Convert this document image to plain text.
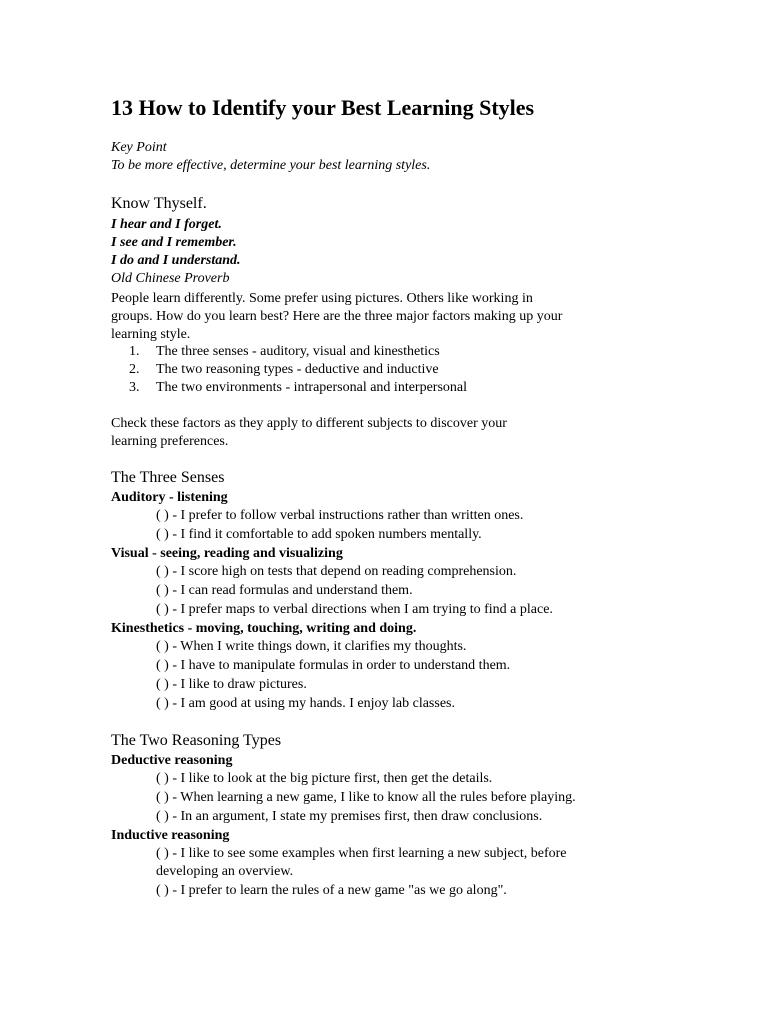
13 How to Identify your Best Learning Styles
Key Point
To be more effective, determine your best learning styles.
Know Thyself.
I hear and I forget.
I see and I remember.
I do and I understand.
Old Chinese Proverb
People learn differently. Some prefer using pictures. Others like working in groups. How do you learn best? Here are the three major factors making up your learning style.
1.	The three senses - auditory, visual and kinesthetics
2.	The two reasoning types - deductive and inductive
3.	The two environments - intrapersonal and interpersonal
Check these factors as they apply to different subjects to discover your learning preferences.
The Three Senses
Auditory - listening

( ) - I prefer to follow verbal instructions rather than written ones.

( ) - I find it comfortable to add spoken numbers mentally.

Visual - seeing, reading and visualizing

( ) - I score high on tests that depend on reading comprehension.

( ) - I can read formulas and understand them.

( ) - I prefer maps to verbal directions when I am trying to find a place.

Kinesthetics - moving, touching, writing and doing.

( ) - When I write things down, it clarifies my thoughts.

( ) - I have to manipulate formulas in order to understand them.

( ) - I like to draw pictures.

( ) - I am good at using my hands. I enjoy lab classes.

The Two Reasoning Types
Deductive reasoning

( ) - I like to look at the big picture first, then get the details.

( ) - When learning a new game, I like to know all the rules before playing.

( ) - In an argument, I state my premises first, then draw conclusions.

Inductive reasoning

( ) - I like to see some examples when first learning a new subject, before developing an overview.

( ) - I prefer to learn the rules of a new game "as we go along".
